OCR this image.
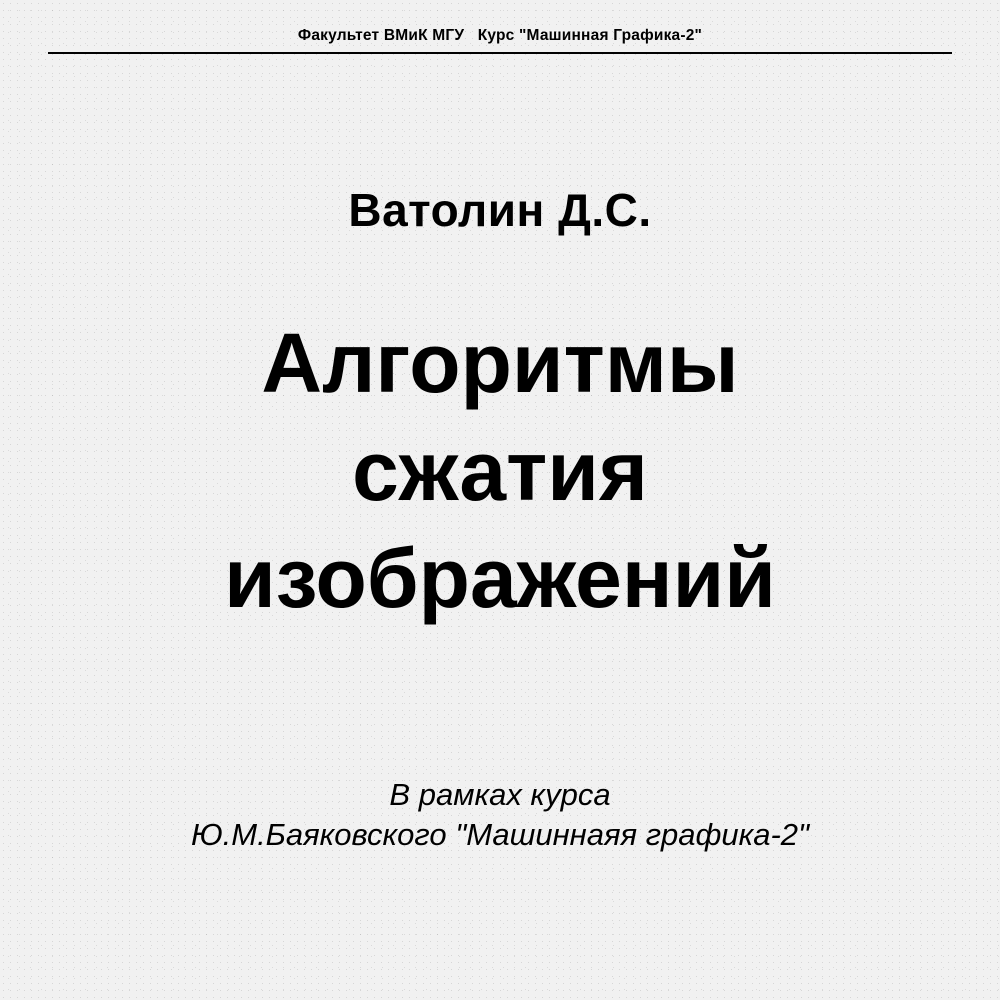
Факультет ВМиК МГУ   Курс "Машинная Графика-2"
Ватолин Д.С.
Алгоритмы
сжатия
изображений
В рамках курса
Ю.М.Баяковского "Машиннаяя графика-2"
